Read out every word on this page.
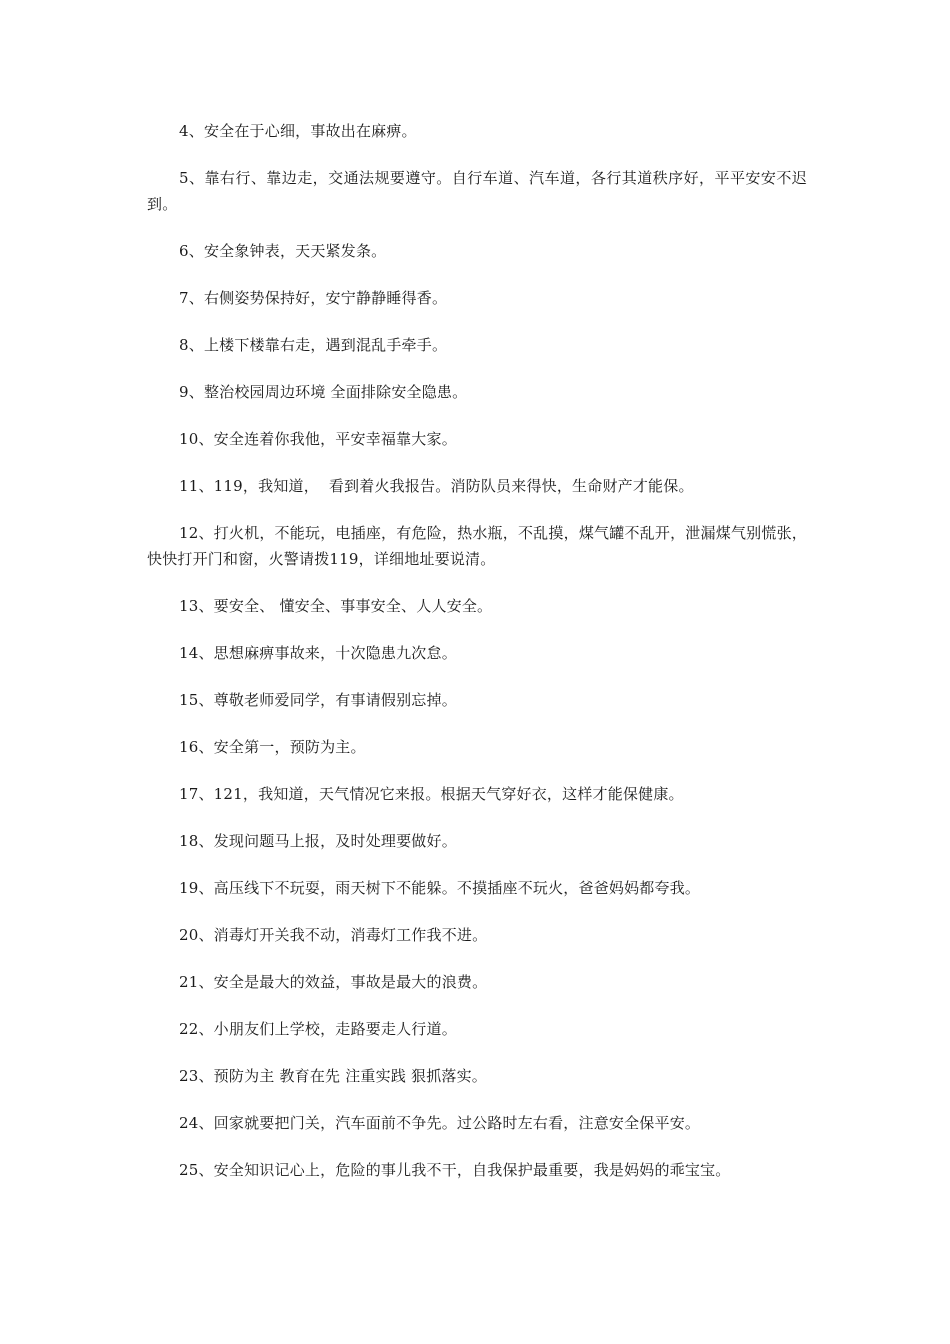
4、安全在于心细，事故出在麻痹。

5、靠右行、靠边走，交通法规要遵守。自行车道、汽车道，各行其道秩序好，平平安安不迟到。

6、安全象钟表，天天紧发条。

7、右侧姿势保持好，安宁静静睡得香。

8、上楼下楼靠右走，遇到混乱手牵手。

9、整治校园周边环境 全面排除安全隐患。

10、安全连着你我他，平安幸福靠大家。

11、119，我知道，  看到着火我报告。消防队员来得快，生命财产才能保。

12、打火机，不能玩，电插座，有危险，热水瓶，不乱摸，煤气罐不乱开，泄漏煤气别慌张，快快打开门和窗，火警请拨119，详细地址要说清。

13、要安全、 懂安全、事事安全、人人安全。

14、思想麻痹事故来，十次隐患九次怠。

15、尊敬老师爱同学，有事请假别忘掉。

16、安全第一，预防为主。

17、121，我知道，天气情况它来报。根据天气穿好衣，这样才能保健康。

18、发现问题马上报，及时处理要做好。

19、高压线下不玩耍，雨天树下不能躲。不摸插座不玩火，爸爸妈妈都夸我。

20、消毒灯开关我不动，消毒灯工作我不进。

21、安全是最大的效益，事故是最大的浪费。

22、小朋友们上学校，走路要走人行道。

23、预防为主 教育在先 注重实践 狠抓落实。

24、回家就要把门关，汽车面前不争先。过公路时左右看，注意安全保平安。

25、安全知识记心上，危险的事儿我不干，自我保护最重要，我是妈妈的乖宝宝。
